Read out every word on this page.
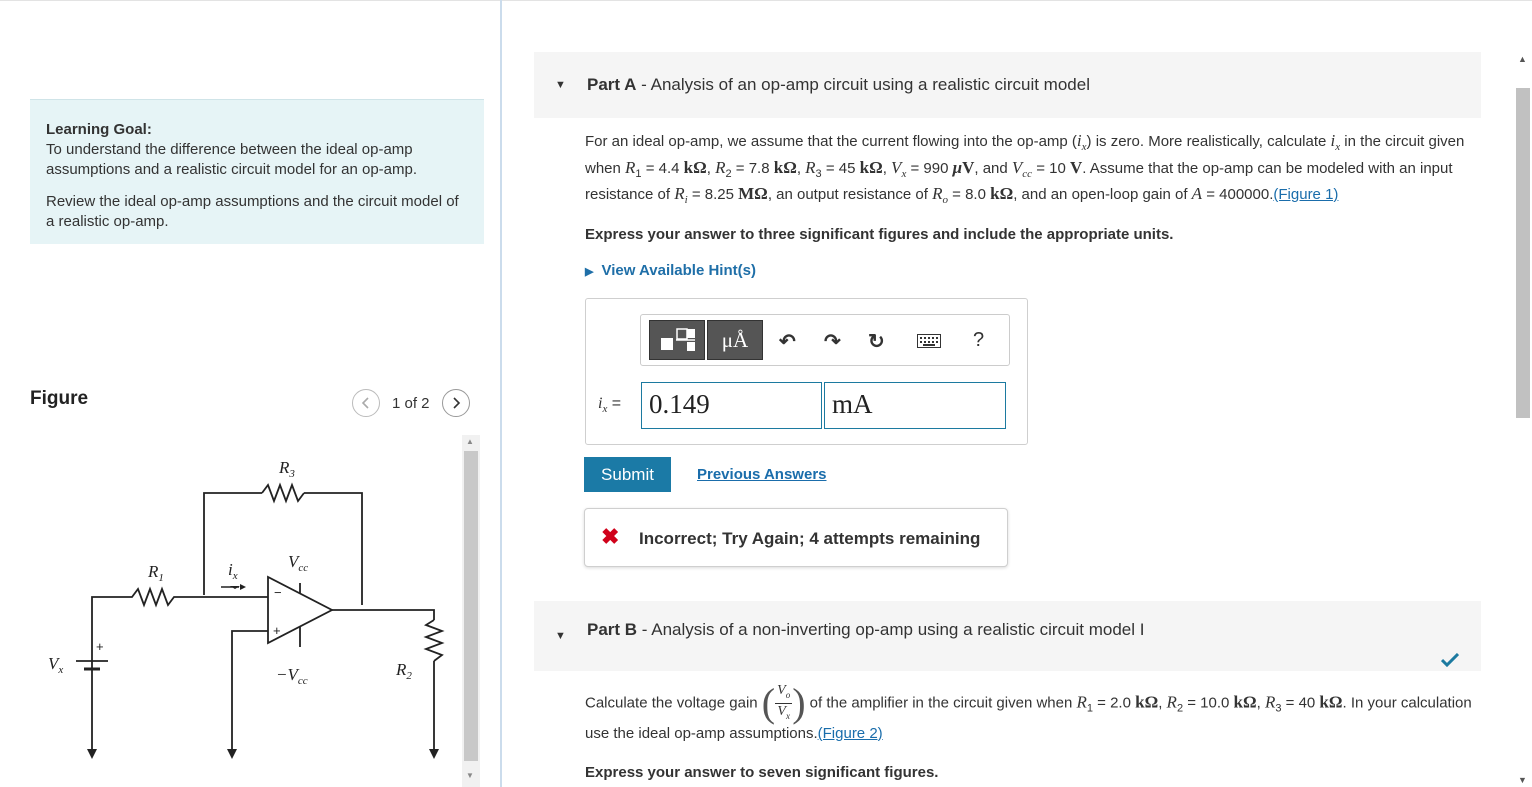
Learning Goal:
To understand the difference between the ideal op-amp assumptions and a realistic circuit model for an op-amp.

Review the ideal op-amp assumptions and the circuit model of a realistic op-amp.

Figure	1 of 2
$R_3$
$R_1$	$i_x$
$V_{cc}$
$-V_{cc}$
$R_2$
$V_x$
−
+
+
▲
▼
▼ Part A - Analysis of an op-amp circuit using a realistic circuit model
For an ideal op-amp, we assume that the current flowing into the op-amp $(i_x)$ is zero. More realistically, calculate $i_x$ in the circuit given when $R_1 = 4.4$ kΩ, $R_2 = 7.8$ kΩ, $R_3 = 45$ kΩ, $V_x = 990$ μV, and $V_{cc} = 10$ V. Assume that the op-amp can be modeled with an input resistance of $R_i = 8.25$ MΩ, an output resistance of $R_o = 8.0$ kΩ, and an open-loop gain of A = 400000.(Figure 1)
Express your answer to three significant figures and include the appropriate units.
▶ View Available Hint(s)
μÅ ↶ ↷ ↻	?
$i_x = 0.149$	mA
Submit	Previous Answers
✖ Incorrect; Try Again; 4 attempts remaining
▼ Part B - Analysis of a non-inverting op-amp using a realistic circuit model I
Calculate the voltage gain ( $\frac{V_o}{V_x}$ ) of the amplifier in the circuit given when $R_1 = 2.0$ kΩ, $R_2 = 10.0$ kΩ, $R_3 = 40$ kΩ. In your calculation use the ideal op-amp assumptions.(Figure 2)
Express your answer to seven significant figures.
▲
▼
